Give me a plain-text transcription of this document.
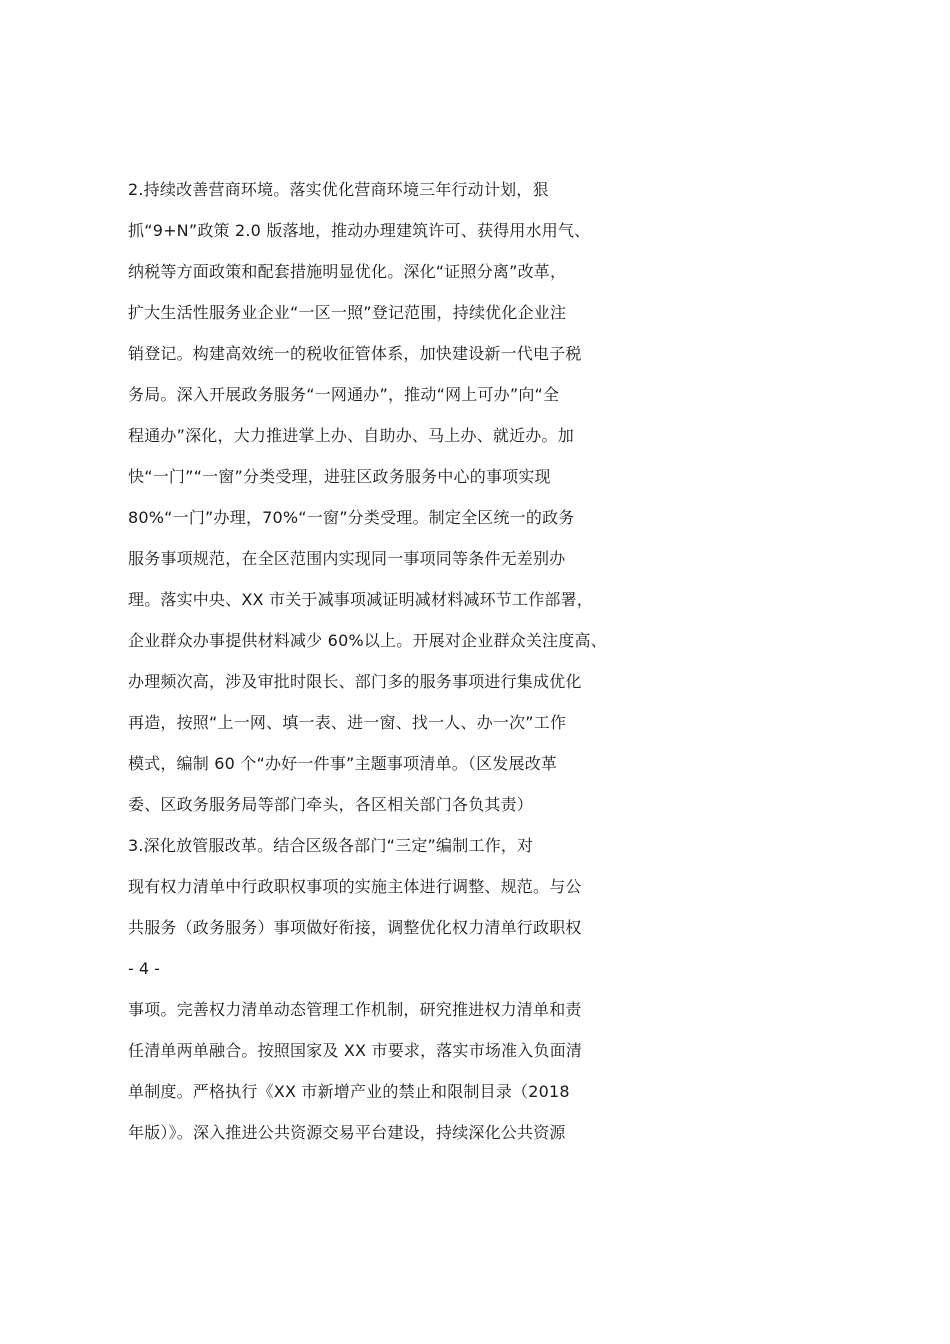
2.持续改善营商环境。落实优化营商环境三年行动计划，狠
抓“9+N”政策 2.0 版落地，推动办理建筑许可、获得用水用气、
纳税等方面政策和配套措施明显优化。深化“证照分离”改革，
扩大生活性服务业企业“一区一照”登记范围，持续优化企业注
销登记。构建高效统一的税收征管体系，加快建设新一代电子税
务局。深入开展政务服务“一网通办”，推动“网上可办”向“全
程通办”深化，大力推进掌上办、自助办、马上办、就近办。加
快“一门”“一窗”分类受理，进驻区政务服务中心的事项实现
80%“一门”办理，70%“一窗”分类受理。制定全区统一的政务
服务事项规范，在全区范围内实现同一事项同等条件无差别办
理。落实中央、XX 市关于减事项减证明减材料减环节工作部署，
企业群众办事提供材料减少 60%以上。开展对企业群众关注度高、
办理频次高，涉及审批时限长、部门多的服务事项进行集成优化
再造，按照“上一网、填一表、进一窗、找一人、办一次”工作
模式，编制 60 个“办好一件事”主题事项清单。（区发展改革
委、区政务服务局等部门牵头，各区相关部门各负其责）
3.深化放管服改革。结合区级各部门“三定”编制工作，对
现有权力清单中行政职权事项的实施主体进行调整、规范。与公
共服务（政务服务）事项做好衔接，调整优化权力清单行政职权
- 4 -
事项。完善权力清单动态管理工作机制，研究推进权力清单和责
任清单两单融合。按照国家及 XX 市要求，落实市场准入负面清
单制度。严格执行《XX 市新增产业的禁止和限制目录（2018
年版）》。深入推进公共资源交易平台建设，持续深化公共资源
